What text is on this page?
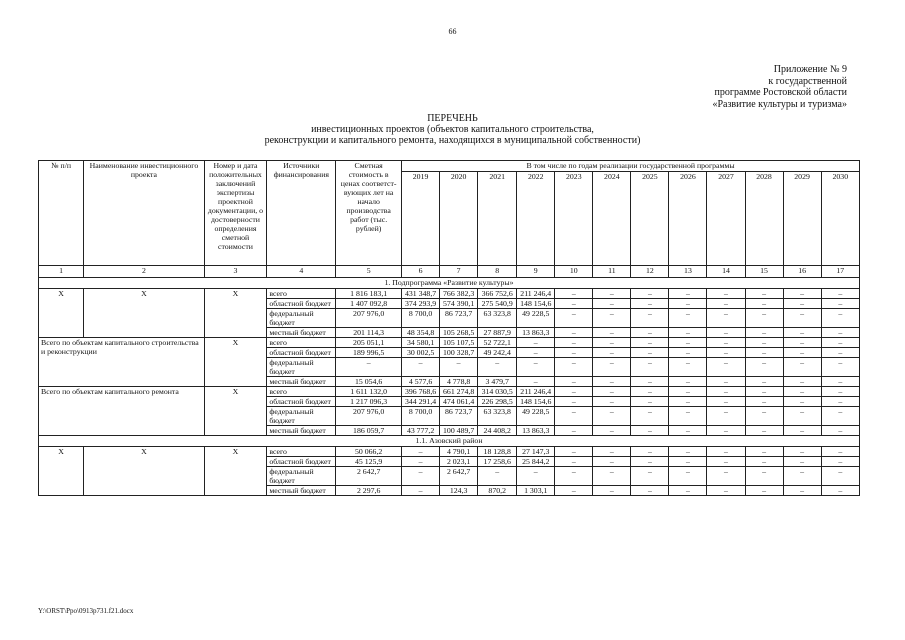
66
Приложение № 9
к государственной
программе Ростовской области
«Развитие культуры и туризма»
ПЕРЕЧЕНЬ
инвестиционных проектов (объектов капитального строительства,
реконструкции и капитального ремонта, находящихся в муниципальной собственности)
№ п/п	Наименование инвестиционного проекта	Номер и дата положительных заключений экспертизы проектной документации, о достоверности определения сметной стоимости	Источники финансирования	Сметная стоимость в ценах соответст-вующих лет на начало производства работ (тыс. рублей)	В том числе по годам реализации государственной программы											
					2019	2020	2021	2022	2023	2024	2025	2026	2027	2028	2029	2030
1	2	3	4	5	6	7	8	9	10	11	12	13	14	15	16	17
1. Подпрограмма «Развитие культуры»																
Х	Х	Х	всего	1 816 183,1	431 348,7	766 382,3	366 752,6	211 246,4	–	–	–	–	–	–	–	–
			областной бюджет	1 407 092,8	374 293,9	574 390,1	275 540,9	148 154,6	–	–	–	–	–	–	–	–
			федеральный бюджет	207 976,0	8 700,0	86 723,7	63 323,8	49 228,5	–	–	–	–	–	–	–	–
			местный бюджет	201 114,3	48 354,8	105 268,5	27 887,9	13 863,3	–	–	–	–	–	–	–	–
Всего по объектам капитального строительства и реконструкции		Х	всего	205 051,1	34 580,1	105 107,5	52 722,1	–	–	–	–	–	–	–	–	–
			областной бюджет	189 996,5	30 002,5	100 328,7	49 242,4	–	–	–	–	–	–	–	–	–
			федеральный бюджет	–	–	–	–	–	–	–	–	–	–	–	–	–
			местный бюджет	15 054,6	4 577,6	4 778,8	3 479,7	–	–	–	–	–	–	–	–	–
Всего по объектам капитального ремонта		Х	всего	1 611 132,0	396 768,6	661 274,8	314 030,5	211 246,4	–	–	–	–	–	–	–	–
			областной бюджет	1 217 096,3	344 291,4	474 061,4	226 298,5	148 154,6	–	–	–	–	–	–	–	–
			федеральный бюджет	207 976,0	8 700,0	86 723,7	63 323,8	49 228,5	–	–	–	–	–	–	–	–
			местный бюджет	186 059,7	43 777,2	100 489,7	24 408,2	13 863,3	–	–	–	–	–	–	–	–
1.1. Азовский район																
Х	Х	Х	всего	50 066,2	–	4 790,1	18 128,8	27 147,3	–	–	–	–	–	–	–	–
			областной бюджет	45 125,9	–	2 023,1	17 258,6	25 844,2	–	–	–	–	–	–	–	–
			федеральный бюджет	2 642,7	–	2 642,7	–	–	–	–	–	–	–	–	–	–
			местный бюджет	2 297,6	–	124,3	870,2	1 303,1	–	–	–	–	–	–	–	–
Y:\ORST\Ppo\0913p731.f21.docx
